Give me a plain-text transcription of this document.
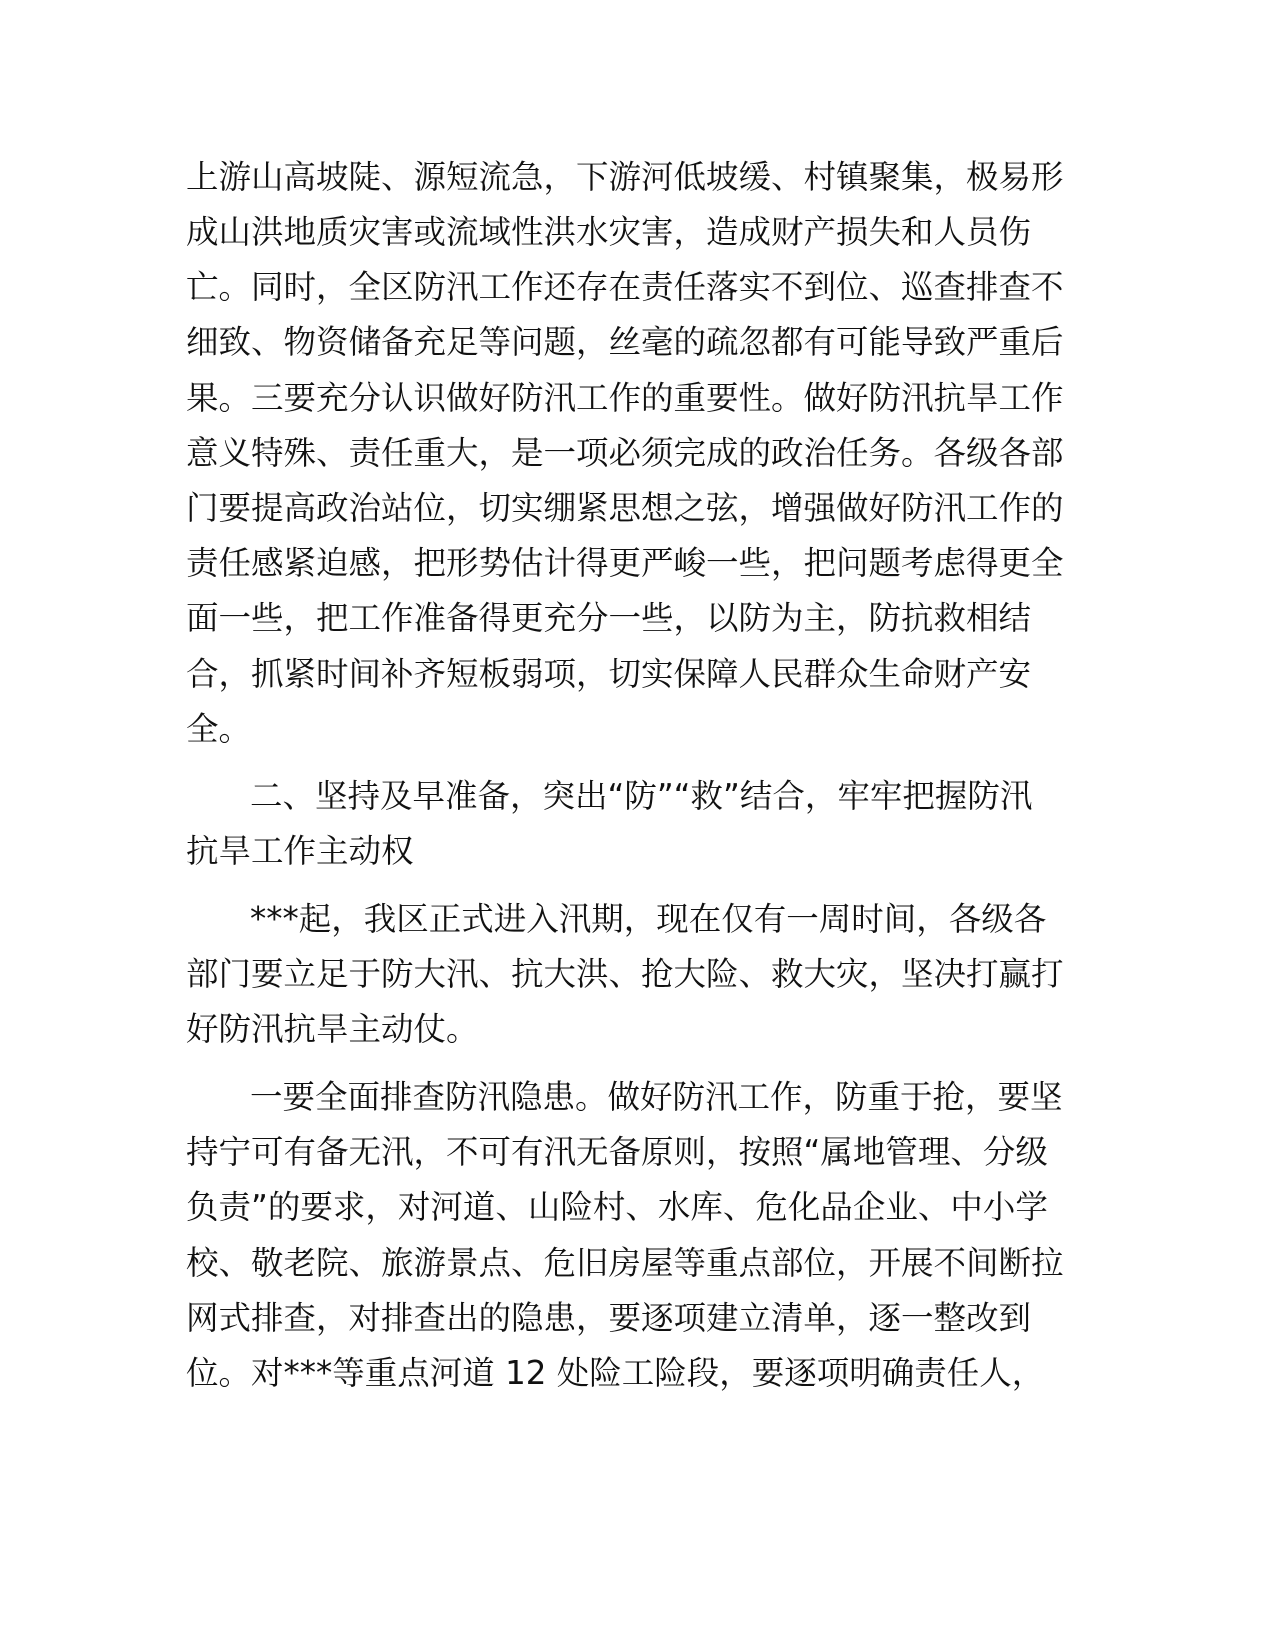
上游山高坡陡、源短流急，下游河低坡缓、村镇聚集，极易形
成山洪地质灾害或流域性洪水灾害，造成财产损失和人员伤
亡。同时，全区防汛工作还存在责任落实不到位、巡查排查不
细致、物资储备充足等问题，丝毫的疏忽都有可能导致严重后
果。三要充分认识做好防汛工作的重要性。做好防汛抗旱工作
意义特殊、责任重大，是一项必须完成的政治任务。各级各部
门要提高政治站位，切实绷紧思想之弦，增强做好防汛工作的
责任感紧迫感，把形势估计得更严峻一些，把问题考虑得更全
面一些，把工作准备得更充分一些，以防为主，防抗救相结
合，抓紧时间补齐短板弱项，切实保障人民群众生命财产安
全。
二、坚持及早准备，突出“防”“救”结合，牢牢把握防汛
抗旱工作主动权
***起，我区正式进入汛期，现在仅有一周时间，各级各
部门要立足于防大汛、抗大洪、抢大险、救大灾，坚决打赢打
好防汛抗旱主动仗。
一要全面排查防汛隐患。做好防汛工作，防重于抢，要坚
持宁可有备无汛，不可有汛无备原则，按照“属地管理、分级
负责”的要求，对河道、山险村、水库、危化品企业、中小学
校、敬老院、旅游景点、危旧房屋等重点部位，开展不间断拉
网式排查，对排查出的隐患，要逐项建立清单，逐一整改到
位。对***等重点河道 12 处险工险段，要逐项明确责任人，
